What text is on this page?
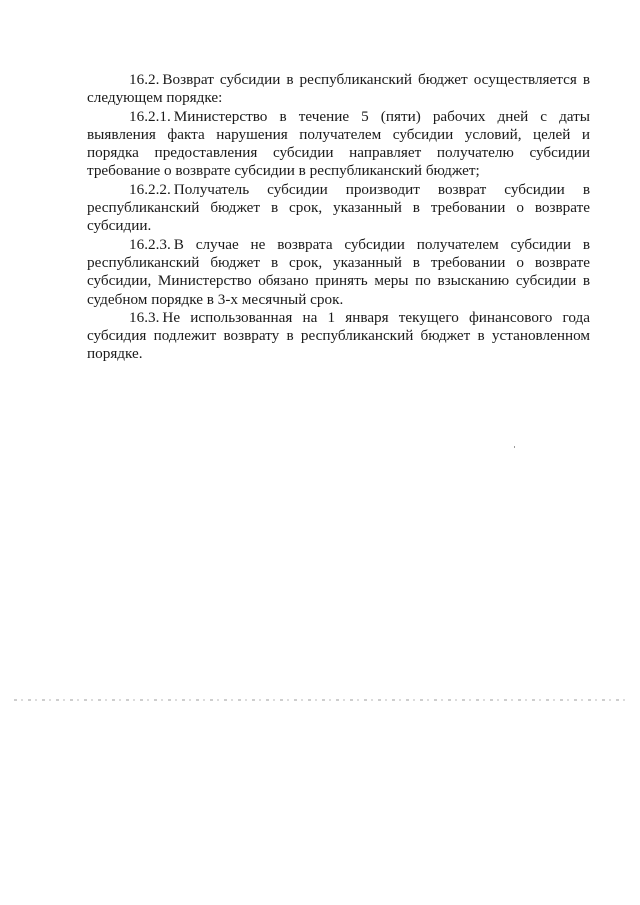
16.2. Возврат субсидии в республиканский бюджет осуществляется в следующем порядке:

16.2.1. Министерство в течение 5 (пяти) рабочих дней с даты выявления факта нарушения получателем субсидии условий, целей и порядка предоставления субсидии направляет получателю субсидии требование о возврате субсидии в республиканский бюджет;

16.2.2. Получатель субсидии производит возврат субсидии в республиканский бюджет в срок, указанный в требовании о возврате субсидии.

16.2.3. В случае не возврата субсидии получателем субсидии в республиканский бюджет в срок, указанный в требовании о возврате субсидии, Министерство обязано принять меры по взысканию субсидии в судебном порядке в 3-х месячный срок.

16.3. Не использованная на 1 января текущего финансового года субсидия подлежит возврату в республиканский бюджет в установленном порядке.
